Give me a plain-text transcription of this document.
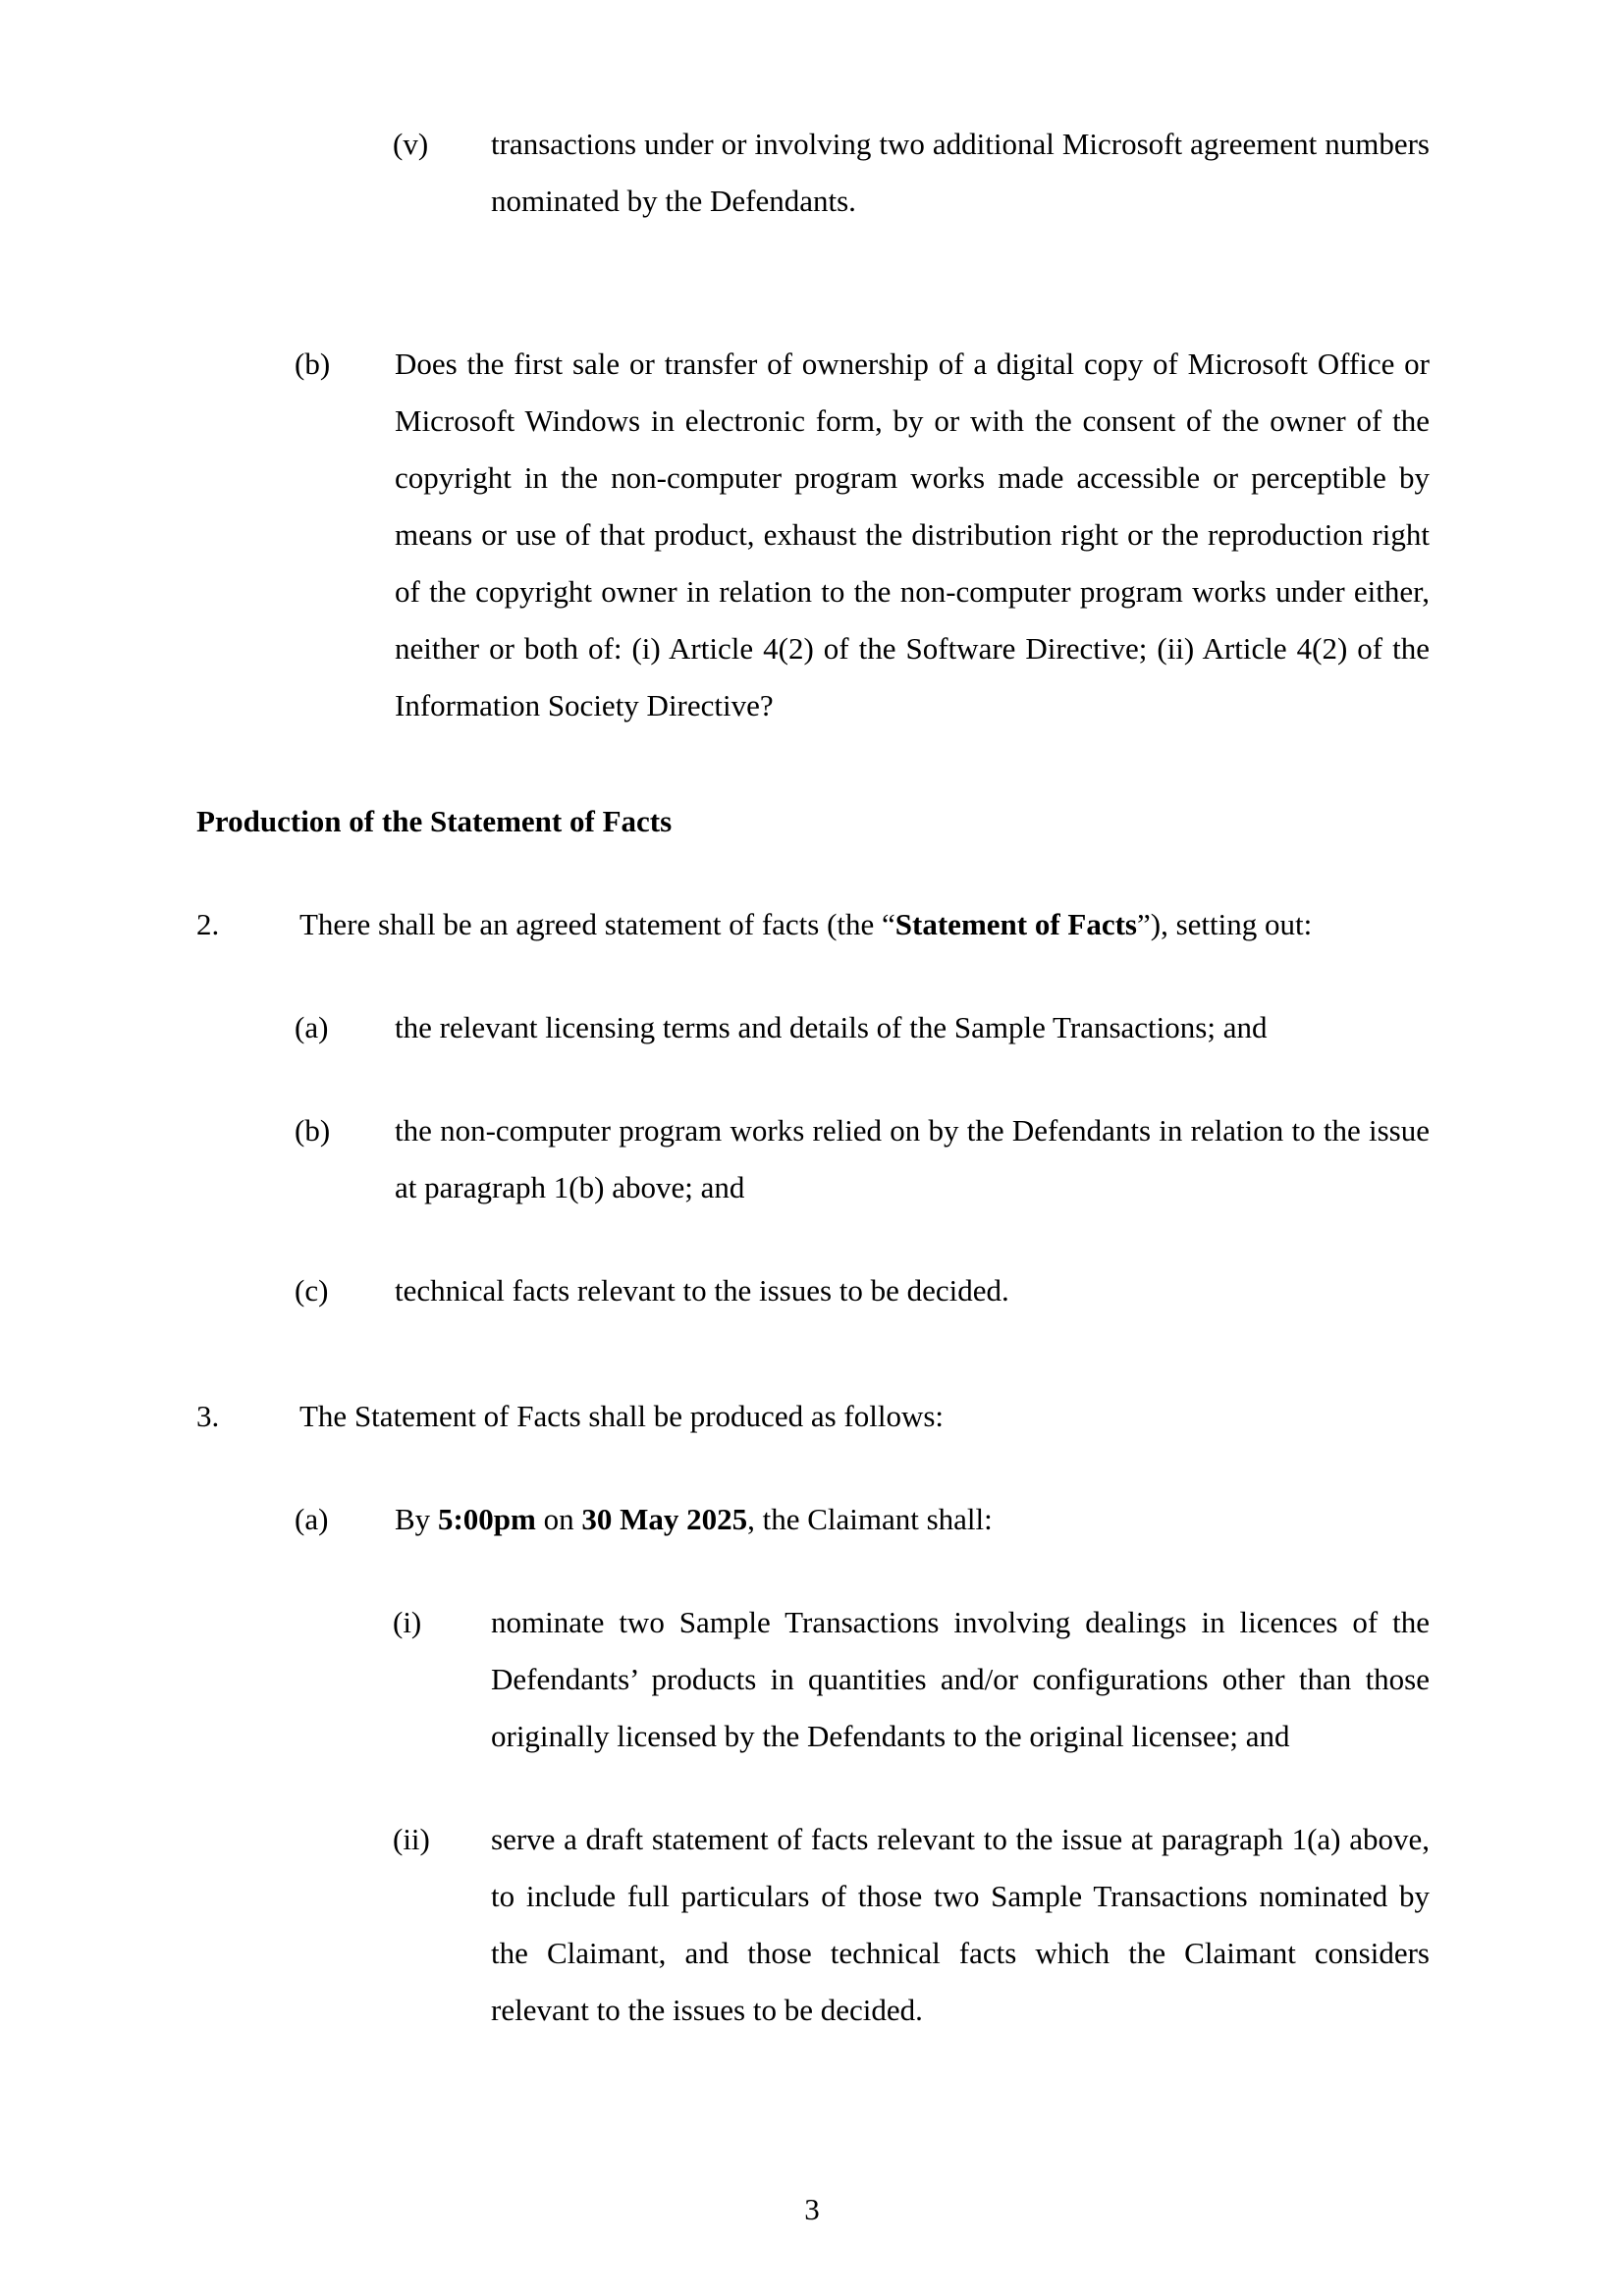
(v)	transactions under or involving two additional Microsoft agreement numbers nominated by the Defendants.
(b)	Does the first sale or transfer of ownership of a digital copy of Microsoft Office or Microsoft Windows in electronic form, by or with the consent of the owner of the copyright in the non-computer program works made accessible or perceptible by means or use of that product, exhaust the distribution right or the reproduction right of the copyright owner in relation to the non-computer program works under either, neither or both of: (i) Article 4(2) of the Software Directive; (ii) Article 4(2) of the Information Society Directive?
Production of the Statement of Facts
2.	There shall be an agreed statement of facts (the “Statement of Facts”), setting out:
(a)	the relevant licensing terms and details of the Sample Transactions; and
(b)	the non-computer program works relied on by the Defendants in relation to the issue at paragraph 1(b) above; and
(c)	technical facts relevant to the issues to be decided.
3.	The Statement of Facts shall be produced as follows:
(a)	By 5:00pm on 30 May 2025, the Claimant shall:
(i)	nominate two Sample Transactions involving dealings in licences of the Defendants’ products in quantities and/or configurations other than those originally licensed by the Defendants to the original licensee; and
(ii)	serve a draft statement of facts relevant to the issue at paragraph 1(a) above, to include full particulars of those two Sample Transactions nominated by the Claimant, and those technical facts which the Claimant considers relevant to the issues to be decided.
3
